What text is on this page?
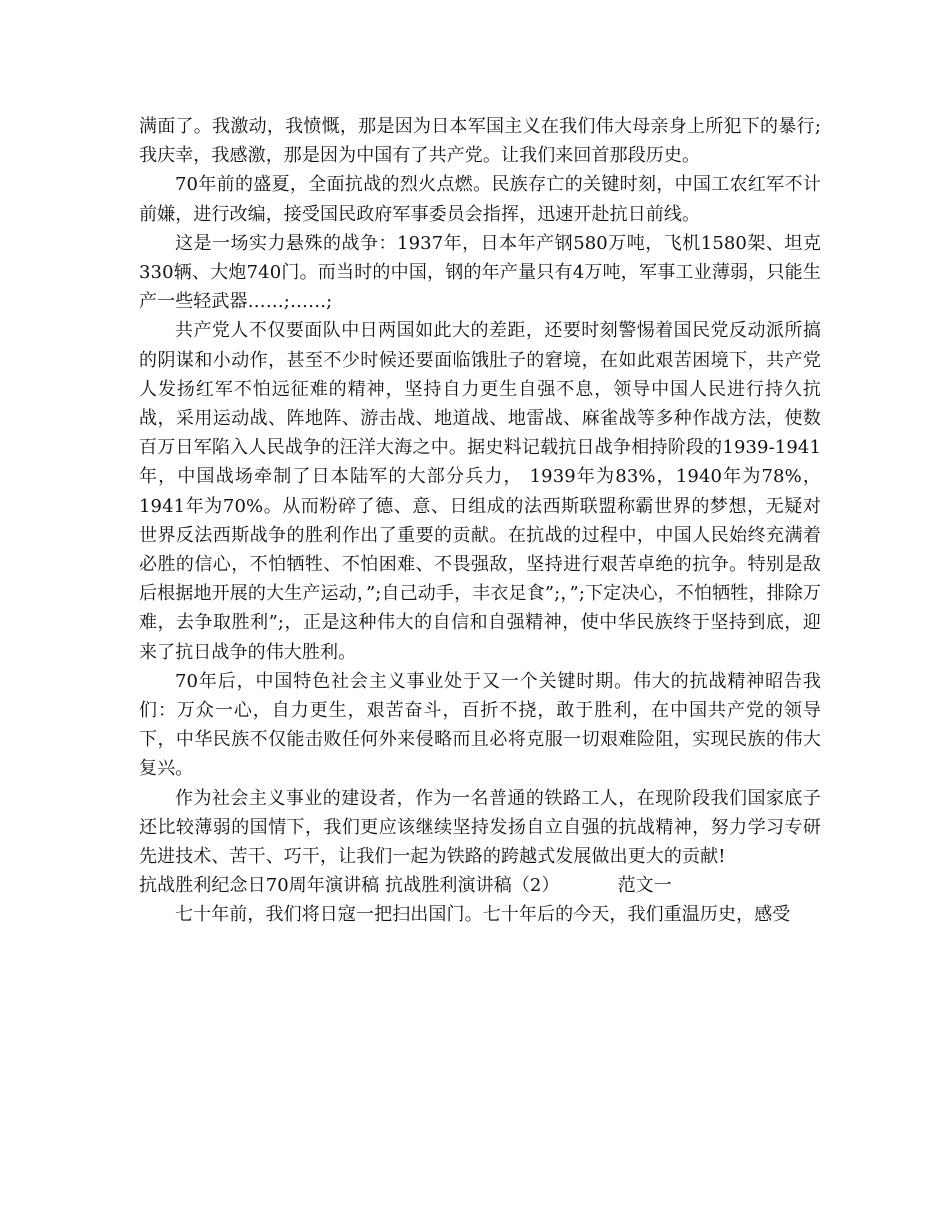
满面了。我激动，我愤慨，那是因为日本军国主义在我们伟大母亲身上所犯下的暴行;我庆幸，我感激，那是因为中国有了共产党。让我们来回首那段历史。

70年前的盛夏，全面抗战的烈火点燃。民族存亡的关键时刻，中国工农红军不计前嫌，进行改编，接受国民政府军事委员会指挥，迅速开赴抗日前线。

这是一场实力悬殊的战争：1937年，日本年产钢580万吨，飞机1580架、坦克330辆、大炮740门。而当时的中国，钢的年产量只有4万吨，军事工业薄弱，只能生产一些轻武器……;……;

共产党人不仅要面队中日两国如此大的差距，还要时刻警惕着国民党反动派所搞的阴谋和小动作，甚至不少时候还要面临饿肚子的窘境，在如此艰苦困境下，共产党人发扬红军不怕远征难的精神，坚持自力更生自强不息，领导中国人民进行持久抗战，采用运动战、阵地阵、游击战、地道战、地雷战、麻雀战等多种作战方法，使数百万日军陷入人民战争的汪洋大海之中。据史料记载抗日战争相持阶段的1939-1941年，中国战场牵制了日本陆军的大部分兵力， 1939年为83%，1940年为78%，1941年为70%。从而粉碎了德、意、日组成的法西斯联盟称霸世界的梦想，无疑对世界反法西斯战争的胜利作出了重要的贡献。在抗战的过程中，中国人民始终充满着必胜的信心，不怕牺牲、不怕困难、不畏强敌，坚持进行艰苦卓绝的抗争。特别是敌后根据地开展的大生产运动，”;自己动手，丰衣足食”;，”;下定决心，不怕牺牲，排除万难，去争取胜利”;，正是这种伟大的自信和自强精神，使中华民族终于坚持到底，迎来了抗日战争的伟大胜利。

70年后，中国特色社会主义事业处于又一个关键时期。伟大的抗战精神昭告我们：万众一心，自力更生，艰苦奋斗，百折不挠，敢于胜利，在中国共产党的领导下，中华民族不仅能击败任何外来侵略而且必将克服一切艰难险阻，实现民族的伟大复兴。

作为社会主义事业的建设者，作为一名普通的铁路工人，在现阶段我们国家底子还比较薄弱的国情下，我们更应该继续坚持发扬自立自强的抗战精神，努力学习专研先进技术、苦干、巧干，让我们一起为铁路的跨越式发展做出更大的贡献!

抗战胜利纪念日70周年演讲稿 抗战胜利演讲稿（2）	范文一

七十年前，我们将日寇一把扫出国门。七十年后的今天，我们重温历史，感受
